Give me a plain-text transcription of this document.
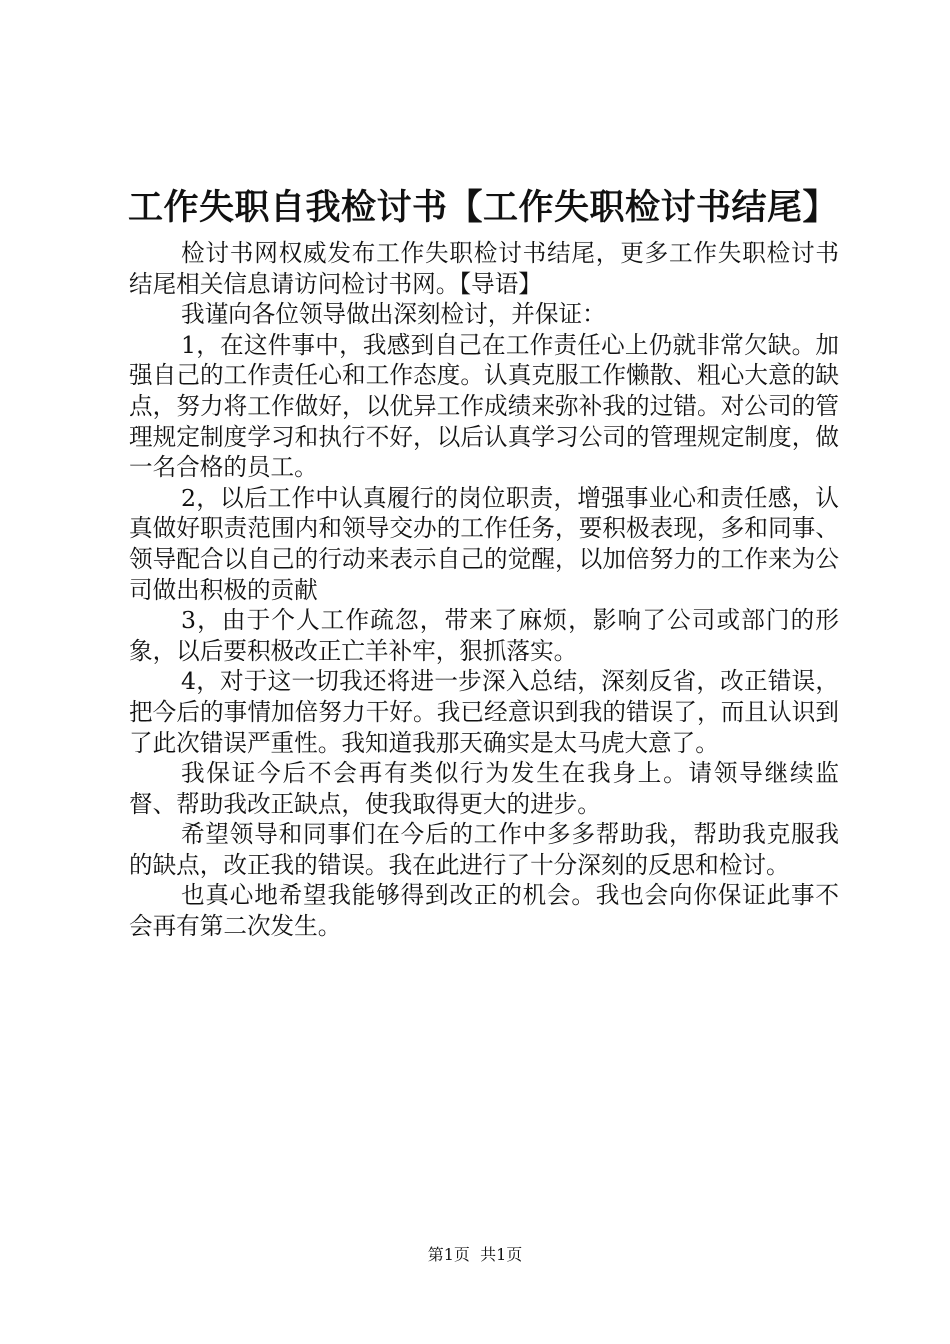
工作失职自我检讨书【工作失职检讨书结尾】

检讨书网权威发布工作失职检讨书结尾，更多工作失职检讨书结尾相关信息请访问检讨书网。【导语】

我谨向各位领导做出深刻检讨，并保证：

1，在这件事中，我感到自己在工作责任心上仍就非常欠缺。加强自己的工作责任心和工作态度。认真克服工作懒散、粗心大意的缺点，努力将工作做好，以优异工作成绩来弥补我的过错。对公司的管理规定制度学习和执行不好，以后认真学习公司的管理规定制度，做一名合格的员工。

2，以后工作中认真履行的岗位职责，增强事业心和责任感，认真做好职责范围内和领导交办的工作任务，要积极表现，多和同事、领导配合以自己的行动来表示自己的觉醒，以加倍努力的工作来为公司做出积极的贡献

3，由于个人工作疏忽，带来了麻烦，影响了公司或部门的形象，以后要积极改正亡羊补牢，狠抓落实。

4，对于这一切我还将进一步深入总结，深刻反省，改正错误，把今后的事情加倍努力干好。我已经意识到我的错误了，而且认识到了此次错误严重性。我知道我那天确实是太马虎大意了。

我保证今后不会再有类似行为发生在我身上。请领导继续监督、帮助我改正缺点，使我取得更大的进步。

希望领导和同事们在今后的工作中多多帮助我，帮助我克服我的缺点，改正我的错误。我在此进行了十分深刻的反思和检讨。

也真心地希望我能够得到改正的机会。我也会向你保证此事不会再有第二次发生。

第1页  共1页
